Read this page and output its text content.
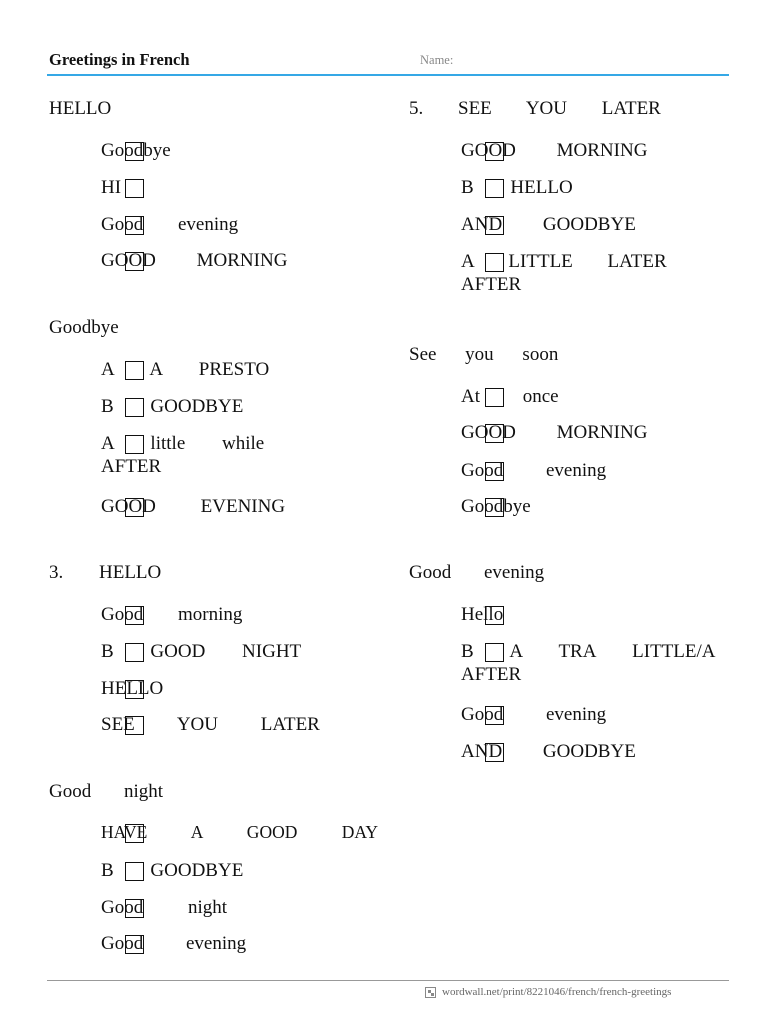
Greetings in French	Name:
HELLO
Goodbye
HI
Good evening
GOOD MORNING
Goodbye
A A PRESTO
B GOODBYE
A little while AFTER
GOOD EVENING
3. HELLO
Good morning
B GOOD NIGHT
HELLO
SEE YOU LATER
Good night
HAVE A GOOD DAY
B GOODBYE
Good night
Good evening
5. SEE YOU LATER
GOOD MORNING
B HELLO
AND GOODBYE
A LITTLE LATER AFTER
See you soon
At once
GOOD MORNING
Good evening
Goodbye
Good evening
Hello
B A TRA LITTLE/A AFTER
Good evening
AND GOODBYE
wordwall.net/print/8221046/french/french-greetings
